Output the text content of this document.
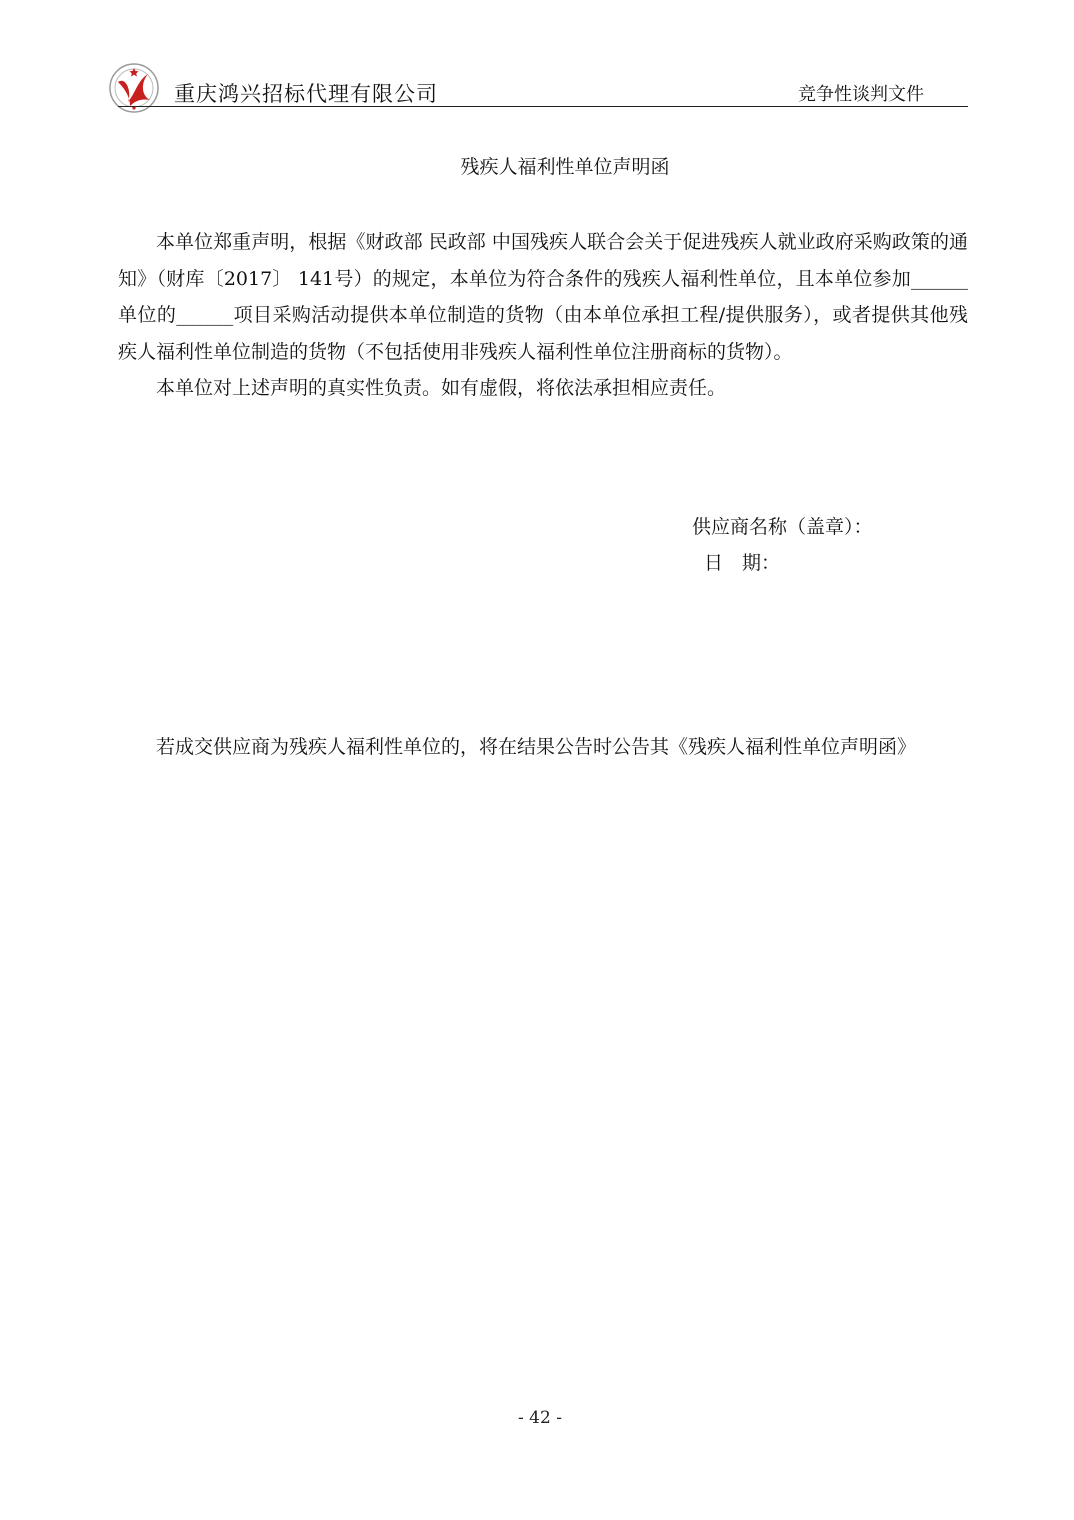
重庆鸿兴招标代理有限公司	竞争性谈判文件
残疾人福利性单位声明函

本单位郑重声明，根据《财政部 民政部 中国残疾人联合会关于促进残疾人就业政府采购政策的通知》（财库〔2017〕 141号）的规定，本单位为符合条件的残疾人福利性单位，且本单位参加______单位的______项目采购活动提供本单位制造的货物（由本单位承担工程/提供服务），或者提供其他残疾人福利性单位制造的货物（不包括使用非残疾人福利性单位注册商标的货物）。

本单位对上述声明的真实性负责。如有虚假，将依法承担相应责任。

供应商名称（盖章）：
日　期：

若成交供应商为残疾人福利性单位的，将在结果公告时公告其《残疾人福利性单位声明函》

- 42 -
